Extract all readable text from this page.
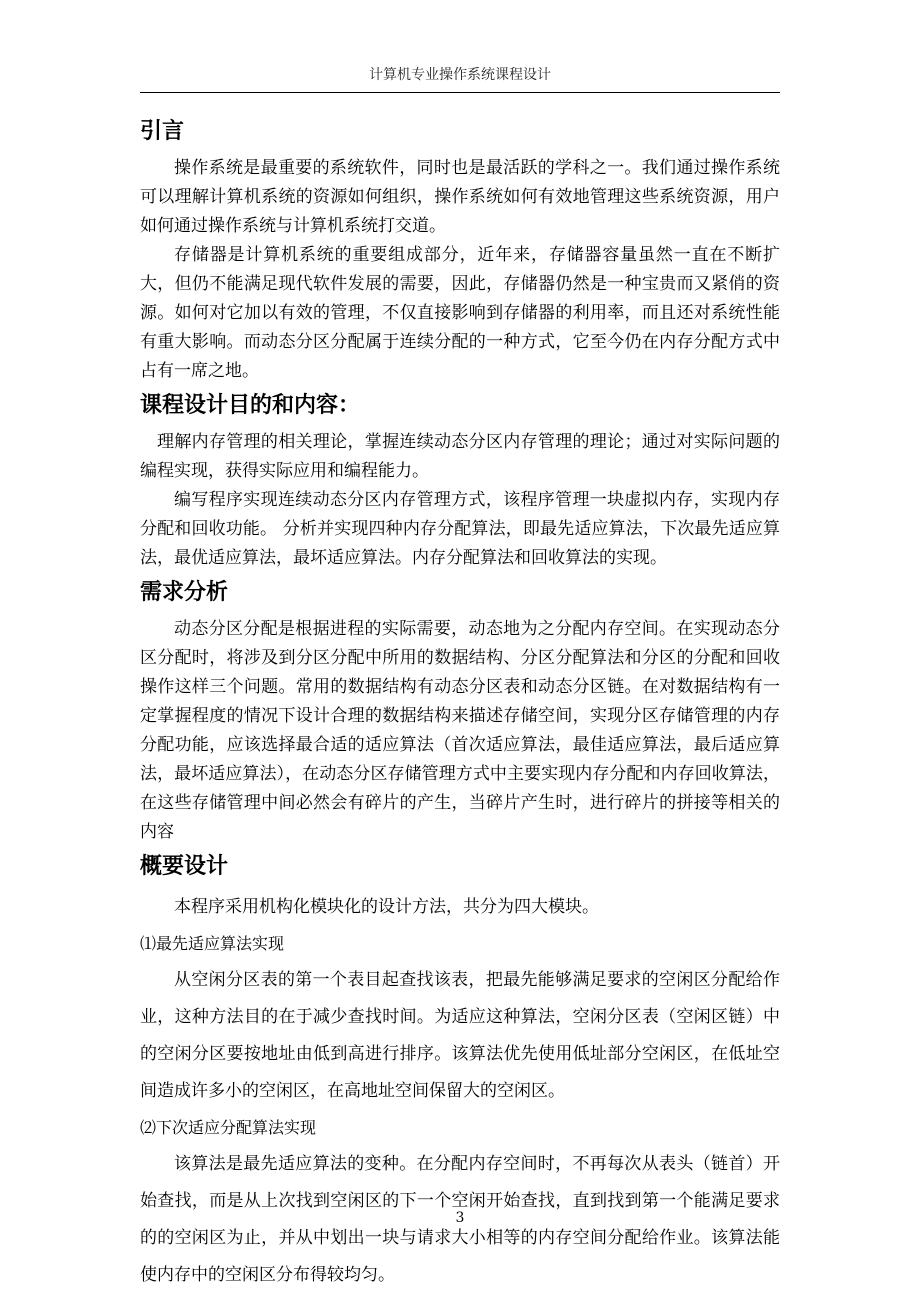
计算机专业操作系统课程设计
引言

操作系统是最重要的系统软件，同时也是最活跃的学科之一。我们通过操作系统可以理解计算机系统的资源如何组织，操作系统如何有效地管理这些系统资源，用户如何通过操作系统与计算机系统打交道。

存储器是计算机系统的重要组成部分，近年来，存储器容量虽然一直在不断扩大，但仍不能满足现代软件发展的需要，因此，存储器仍然是一种宝贵而又紧俏的资源。如何对它加以有效的管理，不仅直接影响到存储器的利用率，而且还对系统性能有重大影响。而动态分区分配属于连续分配的一种方式，它至今仍在内存分配方式中占有一席之地。

课程设计目的和内容：

理解内存管理的相关理论，掌握连续动态分区内存管理的理论；通过对实际问题的编程实现，获得实际应用和编程能力。

编写程序实现连续动态分区内存管理方式，该程序管理一块虚拟内存，实现内存分配和回收功能。 分析并实现四种内存分配算法，即最先适应算法，下次最先适应算法，最优适应算法，最坏适应算法。内存分配算法和回收算法的实现。

需求分析

动态分区分配是根据进程的实际需要，动态地为之分配内存空间。在实现动态分区分配时，将涉及到分区分配中所用的数据结构、分区分配算法和分区的分配和回收操作这样三个问题。常用的数据结构有动态分区表和动态分区链。在对数据结构有一定掌握程度的情况下设计合理的数据结构来描述存储空间，实现分区存储管理的内存分配功能，应该选择最合适的适应算法（首次适应算法，最佳适应算法，最后适应算法，最坏适应算法），在动态分区存储管理方式中主要实现内存分配和内存回收算法，在这些存储管理中间必然会有碎片的产生，当碎片产生时，进行碎片的拼接等相关的内容

概要设计

本程序采用机构化模块化的设计方法，共分为四大模块。

⑴最先适应算法实现

从空闲分区表的第一个表目起查找该表，把最先能够满足要求的空闲区分配给作业，这种方法目的在于减少查找时间。为适应这种算法，空闲分区表（空闲区链）中的空闲分区要按地址由低到高进行排序。该算法优先使用低址部分空闲区，在低址空间造成许多小的空闲区，在高地址空间保留大的空闲区。

⑵下次适应分配算法实现

该算法是最先适应算法的变种。在分配内存空间时，不再每次从表头（链首）开始查找，而是从上次找到空闲区的下一个空闲开始查找，直到找到第一个能满足要求的的空闲区为止，并从中划出一块与请求大小相等的内存空间分配给作业。该算法能使内存中的空闲区分布得较均匀。

3
